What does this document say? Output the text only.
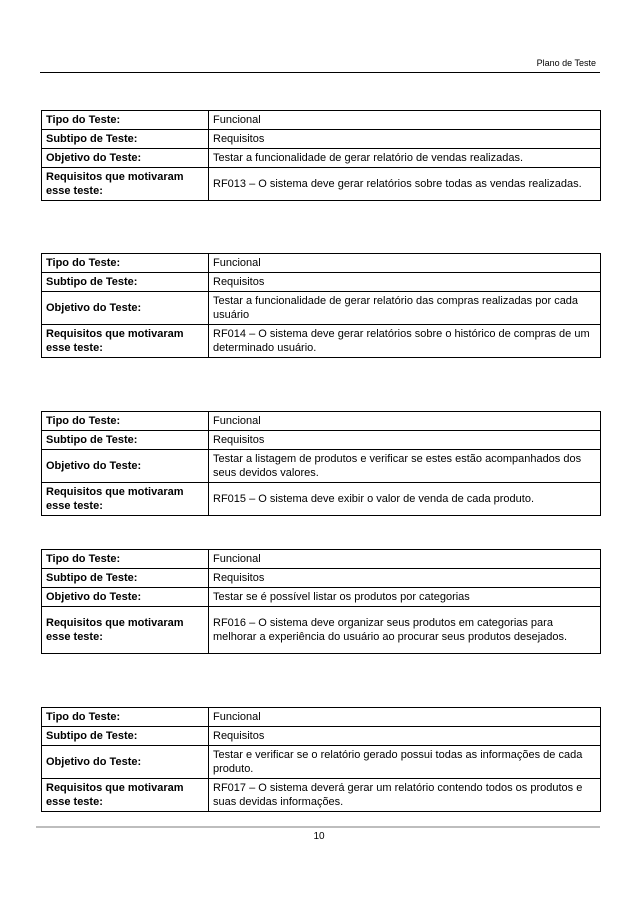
Plano de Teste
Tipo do Teste:	Funcional
Subtipo de Teste:	Requisitos
Objetivo do Teste:	Testar a funcionalidade de gerar relatório de vendas realizadas.
Requisitos que motivaram esse teste:	RF013 – O sistema deve gerar relatórios sobre todas as vendas realizadas.
Tipo do Teste:	Funcional
Subtipo de Teste:	Requisitos
Objetivo do Teste:	Testar a funcionalidade de gerar relatório das compras realizadas por cada usuário
Requisitos que motivaram esse teste:	RF014 – O sistema deve gerar relatórios sobre o histórico de compras de um determinado usuário.
Tipo do Teste:	Funcional
Subtipo de Teste:	Requisitos
Objetivo do Teste:	Testar a listagem de produtos e verificar se estes estão acompanhados dos seus devidos valores.
Requisitos que motivaram esse teste:	RF015 – O sistema deve exibir o valor de venda de cada produto.
Tipo do Teste:	Funcional
Subtipo de Teste:	Requisitos
Objetivo do Teste:	Testar se é possível listar os produtos por categorias
Requisitos que motivaram esse teste:	RF016 – O sistema deve organizar seus produtos em categorias para melhorar a experiência do usuário ao procurar seus produtos desejados.
Tipo do Teste:	Funcional
Subtipo de Teste:	Requisitos
Objetivo do Teste:	Testar e verificar se o relatório gerado possui todas as informações de cada produto.
Requisitos que motivaram esse teste:	RF017 – O sistema deverá gerar um relatório contendo todos os produtos e suas devidas informações.
10
